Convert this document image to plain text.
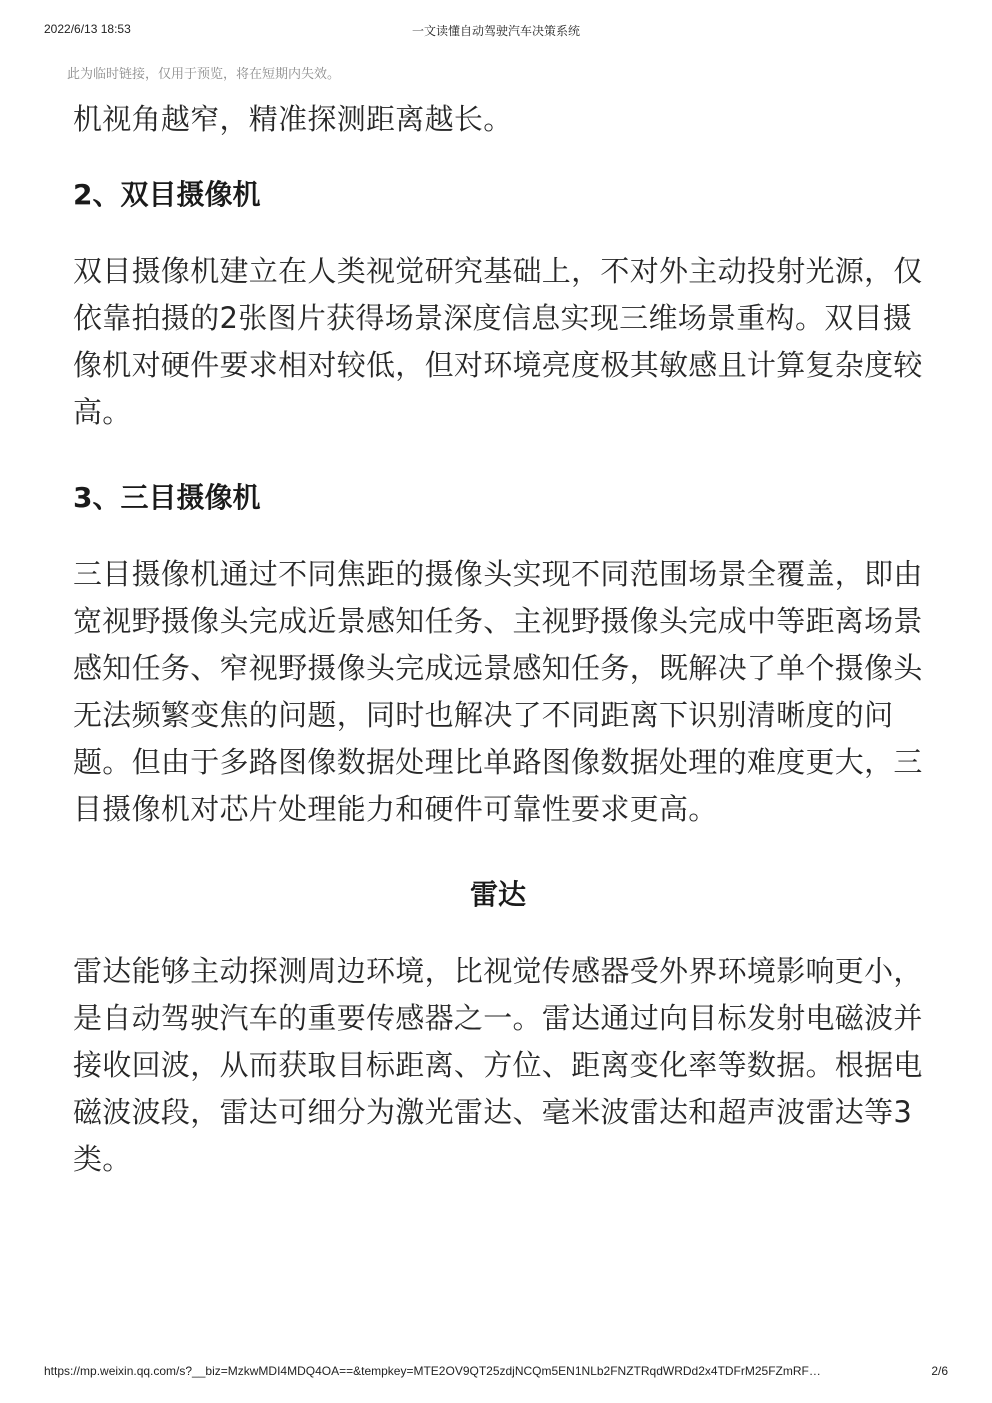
2022/6/13 18:53	一文读懂自动驾驶汽车决策系统
此为临时链接，仅用于预览，将在短期内失效。

机视角越窄，精准探测距离越长。

2、双目摄像机

双目摄像机建立在人类视觉研究基础上，不对外主动投射光源，仅依靠拍摄的2张图片获得场景深度信息实现三维场景重构。双目摄像机对硬件要求相对较低，但对环境亮度极其敏感且计算复杂度较高。

3、三目摄像机

三目摄像机通过不同焦距的摄像头实现不同范围场景全覆盖，即由宽视野摄像头完成近景感知任务、主视野摄像头完成中等距离场景感知任务、窄视野摄像头完成远景感知任务，既解决了单个摄像头无法频繁变焦的问题，同时也解决了不同距离下识别清晰度的问题。但由于多路图像数据处理比单路图像数据处理的难度更大，三目摄像机对芯片处理能力和硬件可靠性要求更高。

雷达

雷达能够主动探测周边环境，比视觉传感器受外界环境影响更小，是自动驾驶汽车的重要传感器之一。雷达通过向目标发射电磁波并接收回波，从而获取目标距离、方位、距离变化率等数据。根据电磁波波段，雷达可细分为激光雷达、毫米波雷达和超声波雷达等3类。

https://mp.weixin.qq.com/s?__biz=MzkwMDI4MDQ4OA==&tempkey=MTE2OV9QT25zdjNCQm5EN1NLb2FNZTRqdWRDd2x4TDFrM25FZmRF…	2/6
